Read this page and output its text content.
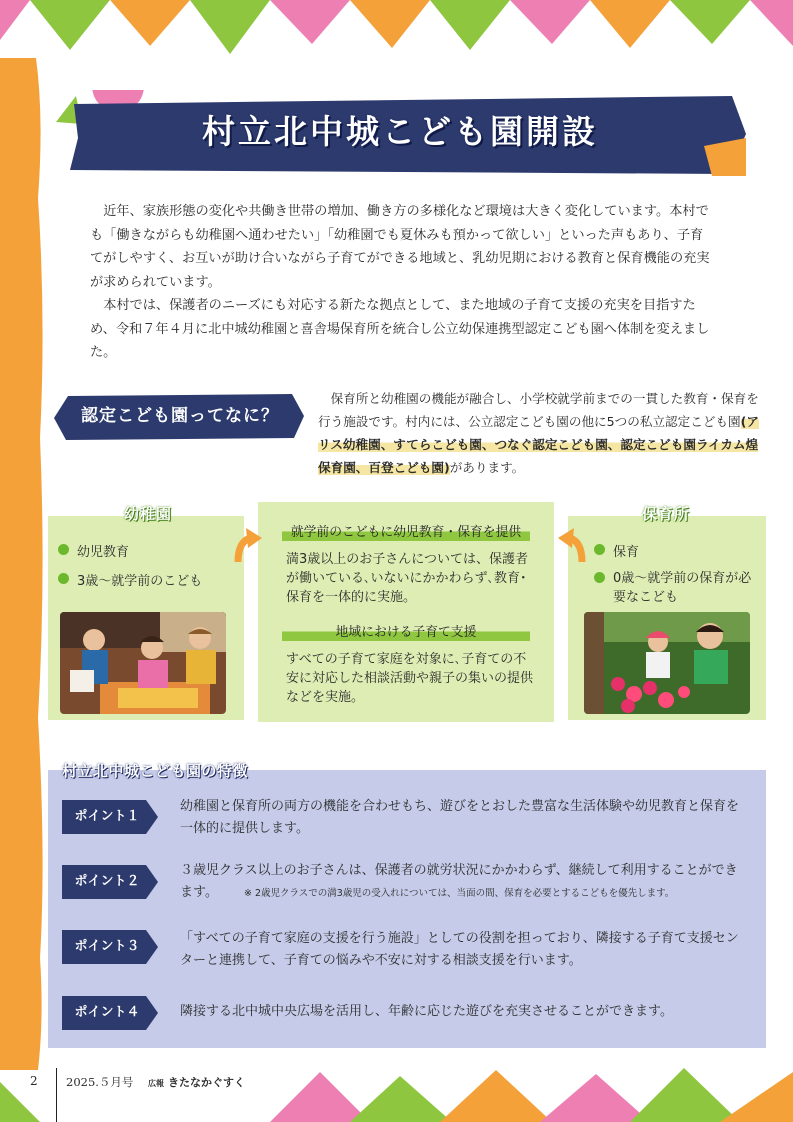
村立北中城こども園開設

近年、家族形態の変化や共働き世帯の増加、働き方の多様化など環境は大きく変化しています。本村でも「働きながらも幼稚園へ通わせたい」「幼稚園でも夏休みも預かって欲しい」といった声もあり、子育てがしやすく、お互いが助け合いながら子育てができる地域と、乳幼児期における教育と保育機能の充実が求められています。

本村では、保護者のニーズにも対応する新たな拠点として、また地域の子育て支援の充実を目指すため、令和７年４月に北中城幼稚園と喜舎場保育所を統合し公立幼保連携型認定こども園へ体制を変えました。

認定こども園ってなに？
保育所と幼稚園の機能が融合し、小学校就学前までの一貫した教育・保育を行う施設です。村内には、公立認定こども園の他に5つの私立認定こども園(アリス幼稚園、すてらこども園、つなぐ認定こども園、認定こども園ライカム煌保育園、百登こども園)があります。
幼稚園	保育所
幼児教育
3歳〜就学前のこども
就学前のこどもに幼児教育・保育を提供
満3歳以上のお子さんについては、保護者が働いている､いないにかかわらず､教育･保育を一体的に実施。
地域における子育て支援
すべての子育て家庭を対象に､子育ての不安に対応した相談活動や親子の集いの提供などを実施。
保育
0歳〜就学前の保育が必要なこども
村立北中城こども園の特徴
ポイント１
幼稚園と保育所の両方の機能を合わせもち、遊びをとおした豊富な生活体験や幼児教育と保育を一体的に提供します。
ポイント２
３歳児クラス以上のお子さんは、保護者の就労状況にかかわらず、継続して利用することができます。	※ 2歳児クラスでの満3歳児の受入れについては、当面の間、保育を必要とするこどもを優先します。
ポイント３
「すべての子育て家庭の支援を行う施設」としての役割を担っており、隣接する子育て支援センターと連携して、子育ての悩みや不安に対する相談支援を行います。
ポイント４	隣接する北中城中央広場を活用し、年齢に応じた遊びを充実させることができます。
2 2025.５月号 広報 きたなかぐすく
